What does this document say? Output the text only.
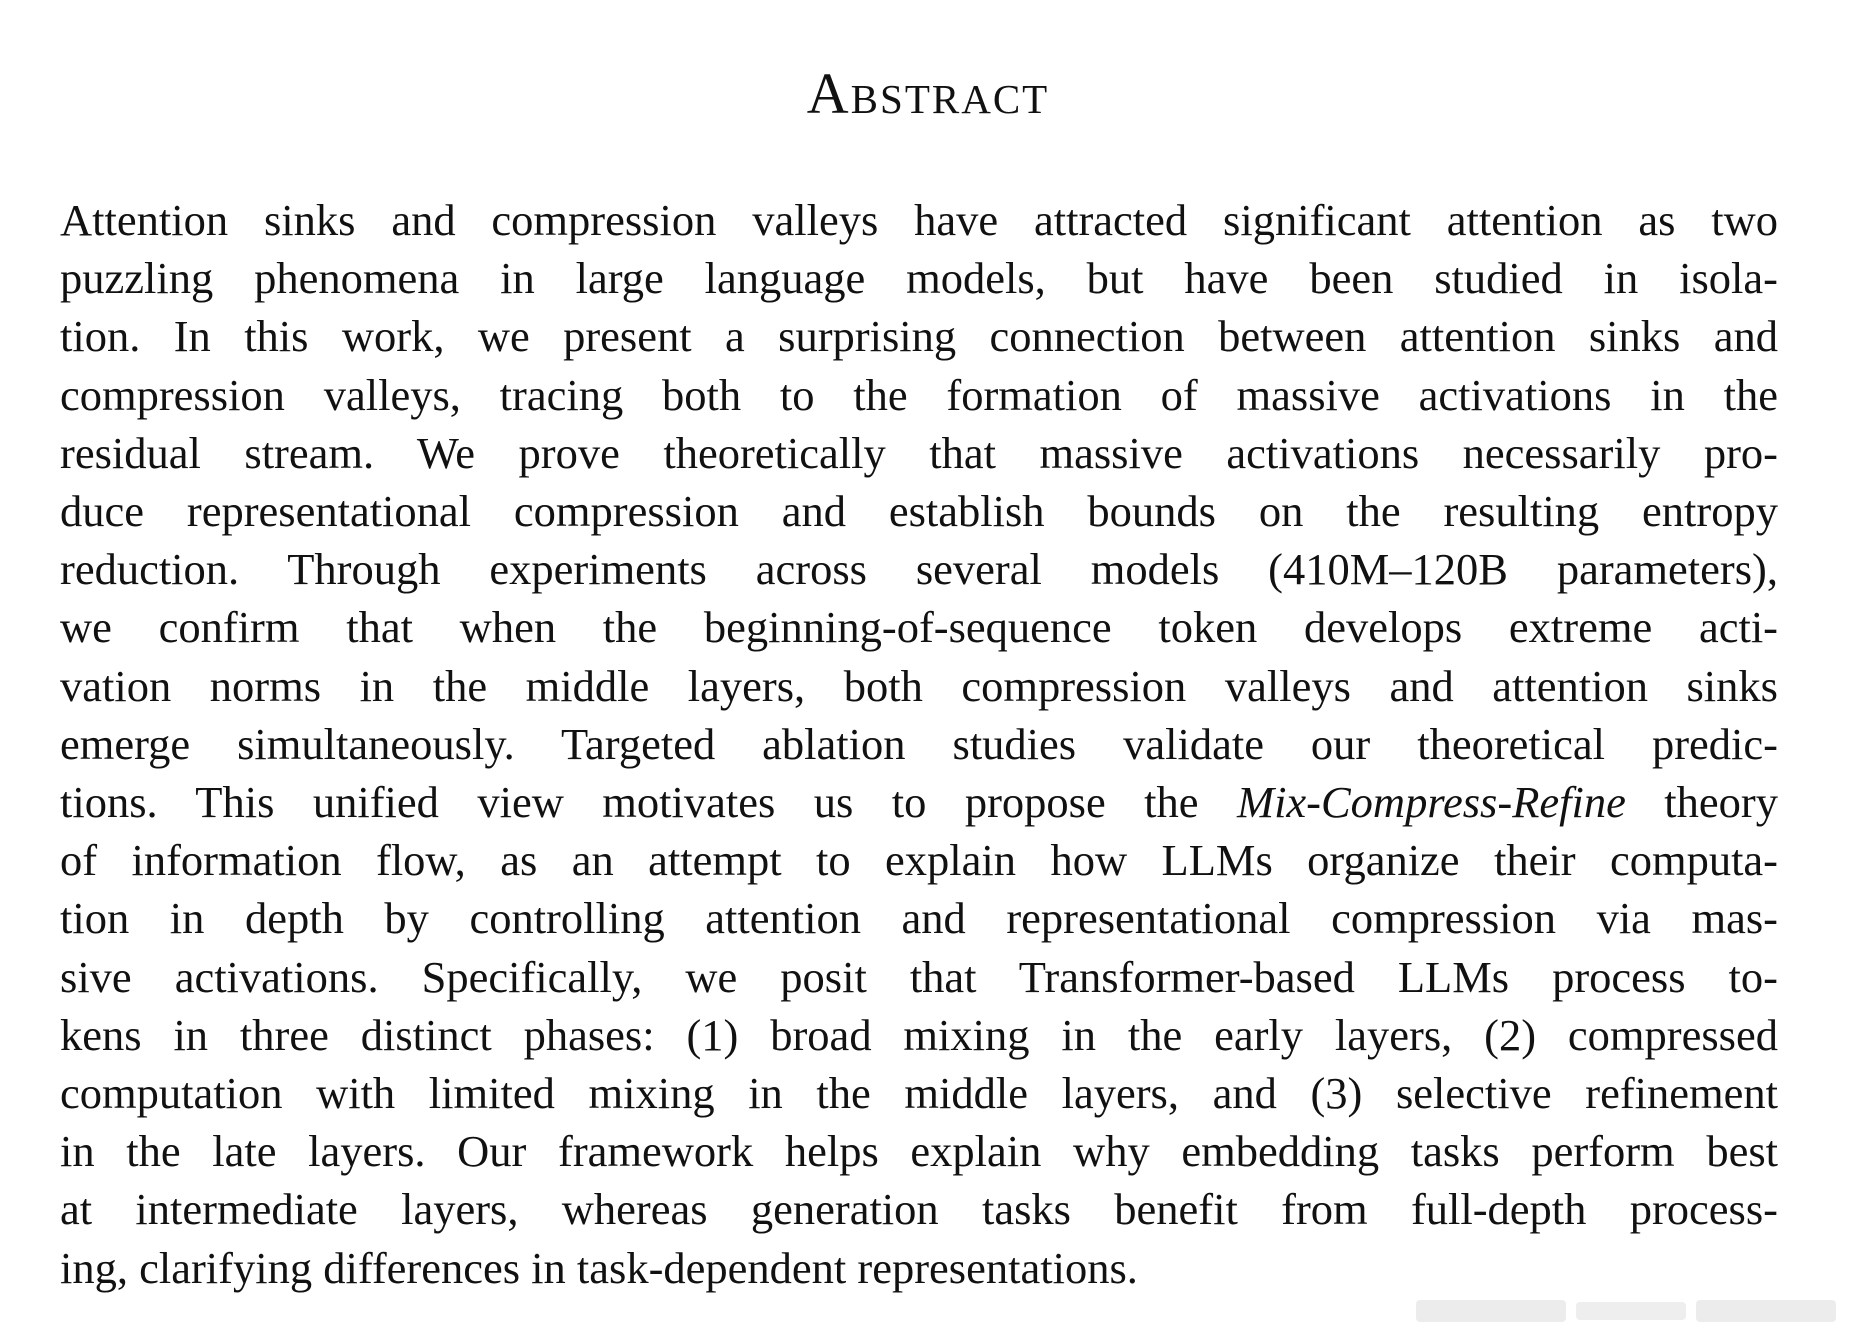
Abstract
Attention sinks and compression valleys have attracted significant attention as two
puzzling phenomena in large language models, but have been studied in isola-
tion. In this work, we present a surprising connection between attention sinks and
compression valleys, tracing both to the formation of massive activations in the
residual stream. We prove theoretically that massive activations necessarily pro-
duce representational compression and establish bounds on the resulting entropy
reduction. Through experiments across several models (410M–120B parameters),
we confirm that when the beginning-of-sequence token develops extreme acti-
vation norms in the middle layers, both compression valleys and attention sinks
emerge simultaneously. Targeted ablation studies validate our theoretical predic-
tions. This unified view motivates us to propose the Mix-Compress-Refine theory
of information flow, as an attempt to explain how LLMs organize their computa-
tion in depth by controlling attention and representational compression via mas-
sive activations. Specifically, we posit that Transformer-based LLMs process to-
kens in three distinct phases: (1) broad mixing in the early layers, (2) compressed
computation with limited mixing in the middle layers, and (3) selective refinement
in the late layers. Our framework helps explain why embedding tasks perform best
at intermediate layers, whereas generation tasks benefit from full-depth process-
ing, clarifying differences in task-dependent representations.
